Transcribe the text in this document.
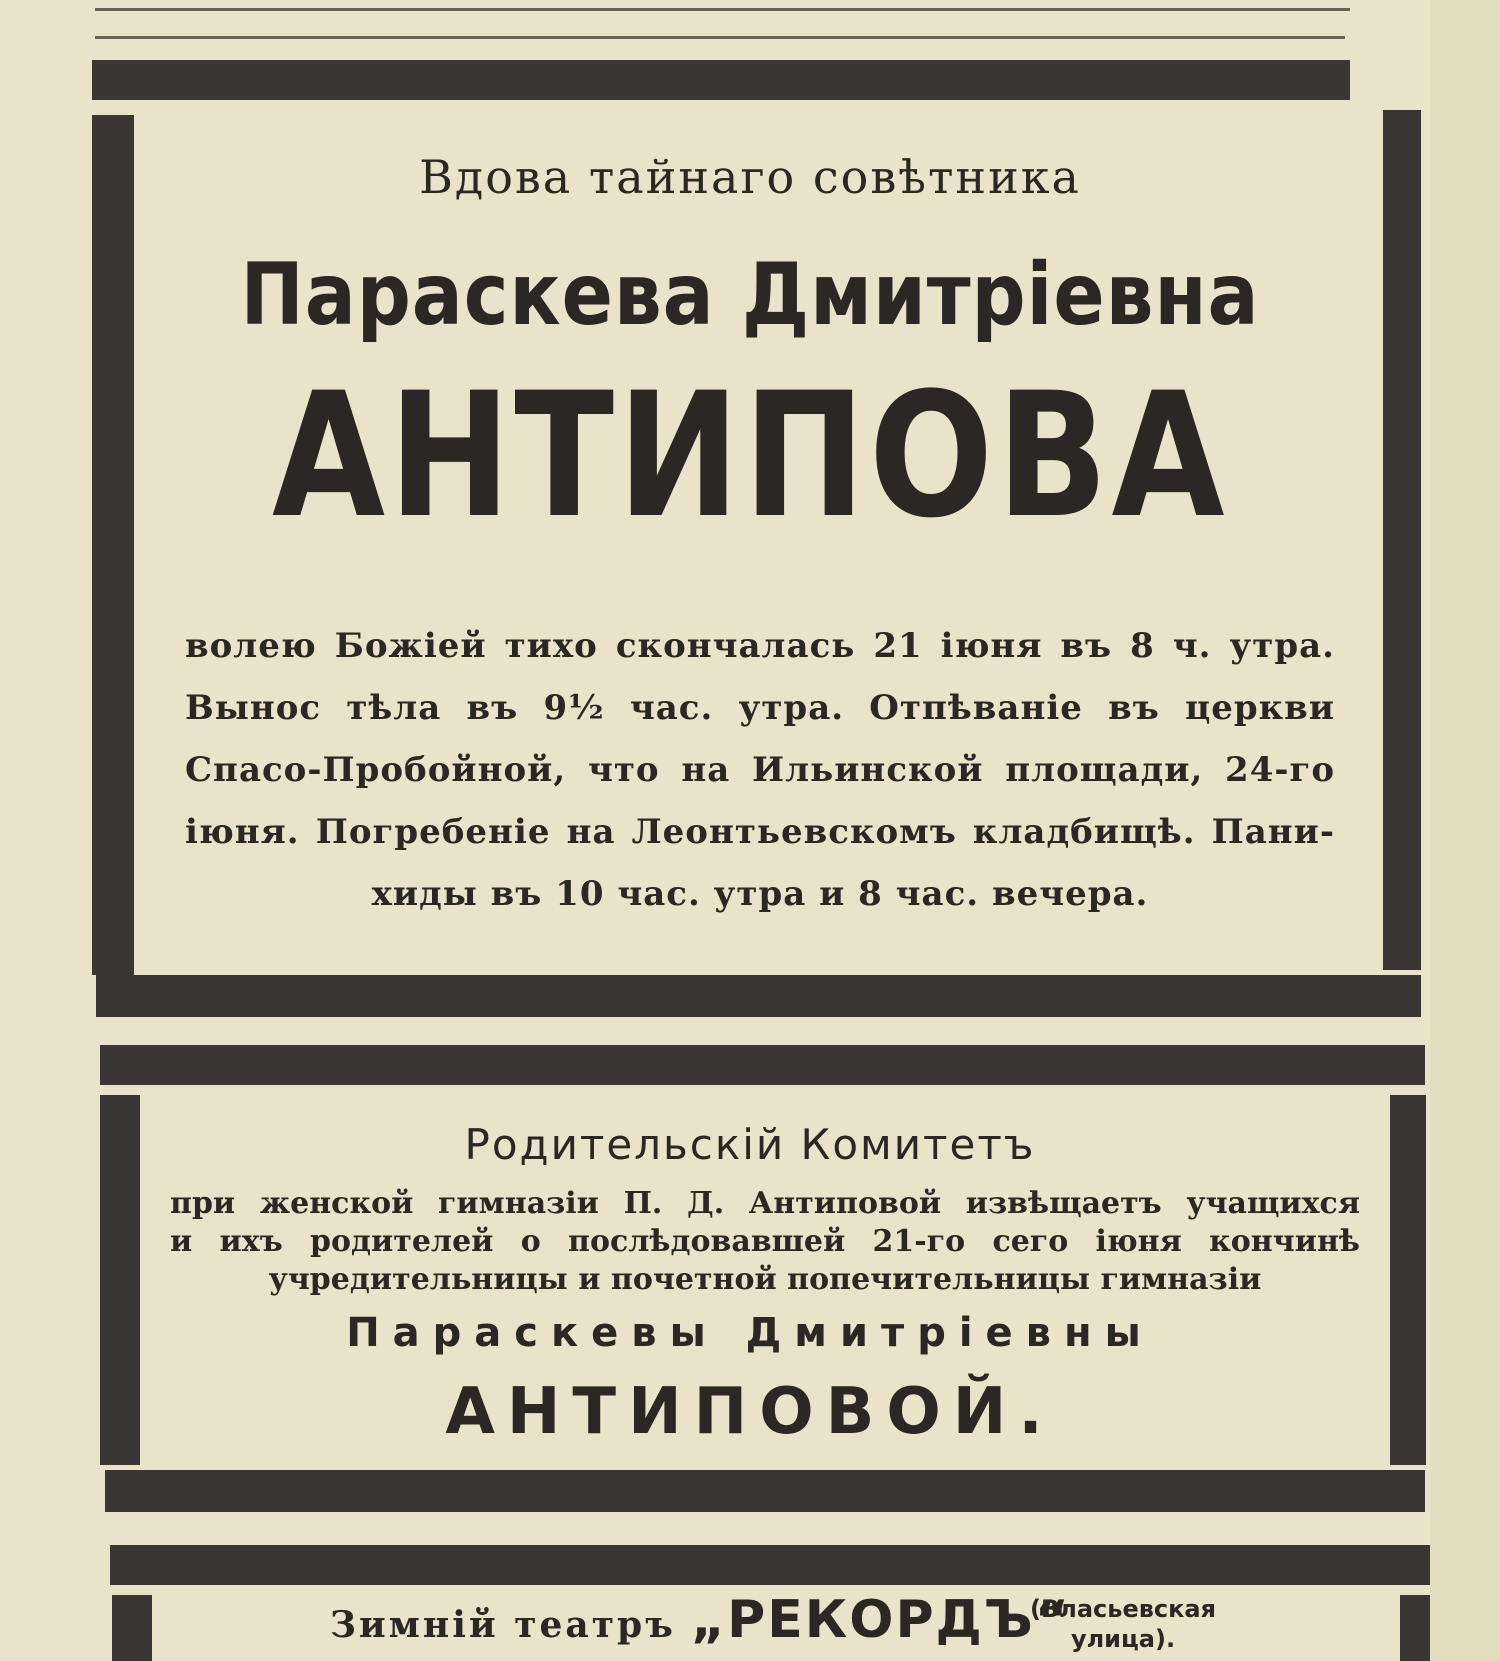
Вдова тайнаго совѣтника
Параскева Дмитріевна
АНТИПОВА
волею Божіей тихо скончалась 21 іюня въ 8 ч. утра.
Вынос тѣла въ 9½ час. утра. Отпѣваніе въ церкви
Спасо-Пробойной, что на Ильинской площади, 24-го
іюня. Погребеніе на Леонтьевскомъ кладбищѣ. Пани-
хиды въ 10 час. утра и 8 час. вечера.
Родительскій Комитетъ
при женской гимназіи П. Д. Антиповой извѣщаетъ учащихся
и ихъ родителей о послѣдовавшей 21-го сего іюня кончинѣ
учредительницы и почетной попечительницы гимназіи
Параскевы Дмитріевны
АНТИПОВОЙ.
Зимній театръ „РЕКОРДЪ“
(Власьевская
улица).
